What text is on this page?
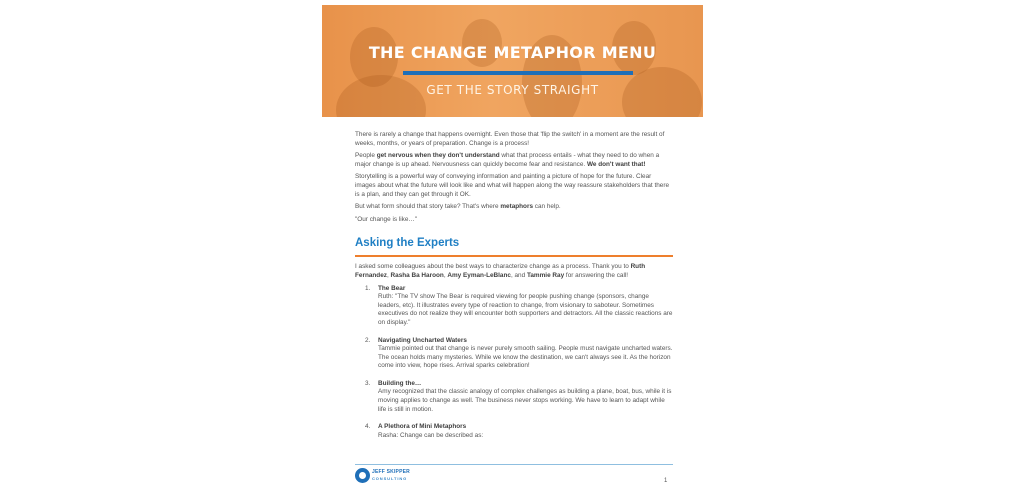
THE CHANGE METAPHOR MENU
GET THE STORY STRAIGHT

There is rarely a change that happens overnight. Even those that 'flip the switch' in a moment are the result of weeks, months, or years of preparation. Change is a process!

People get nervous when they don't understand what that process entails - what they need to do when a major change is up ahead. Nervousness can quickly become fear and resistance. We don't want that!

Storytelling is a powerful way of conveying information and painting a picture of hope for the future. Clear images about what the future will look like and what will happen along the way reassure stakeholders that there is a plan, and they can get through it OK.

But what form should that story take? That's where metaphors can help.

"Our change is like…"

Asking the Experts

I asked some colleagues about the best ways to characterize change as a process. Thank you to Ruth Fernandez, Rasha Ba Haroon, Amy Eyman-LeBlanc, and Tammie Ray for answering the call!

1. The Bear
Ruth: "The TV show The Bear is required viewing for people pushing change (sponsors, change leaders, etc). It illustrates every type of reaction to change, from visionary to saboteur. Sometimes executives do not realize they will encounter both supporters and detractors. All the classic reactions are on display."
2. Navigating Uncharted Waters
Tammie pointed out that change is never purely smooth sailing. People must navigate uncharted waters. The ocean holds many mysteries. While we know the destination, we can't always see it. As the horizon come into view, hope rises. Arrival sparks celebration!
3. Building the…
Amy recognized that the classic analogy of complex challenges as building a plane, boat, bus, while it is moving applies to change as well. The business never stops working. We have to learn to adapt while life is still in motion.
4. A Plethora of Mini Metaphors
Rasha: Change can be described as:
JEFF SKIPPER
CONSULTING	1
